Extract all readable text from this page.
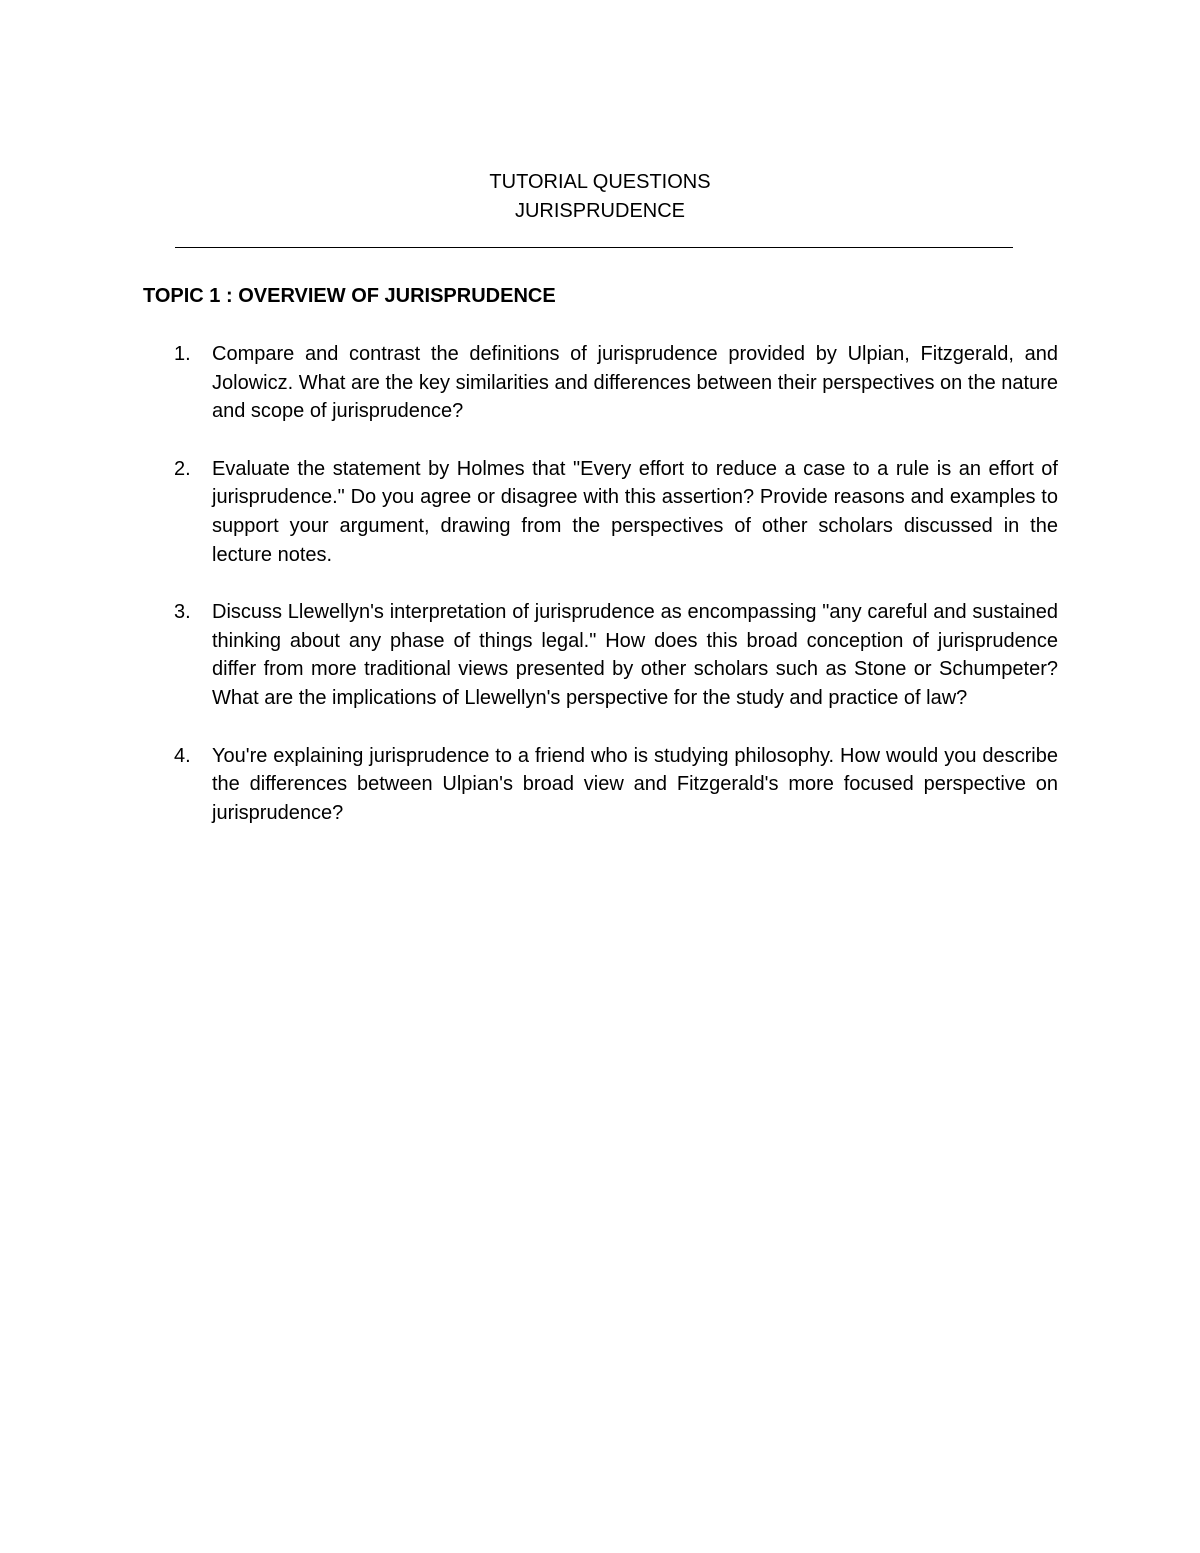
TUTORIAL QUESTIONS
JURISPRUDENCE
TOPIC 1 : OVERVIEW OF JURISPRUDENCE
1. Compare and contrast the definitions of jurisprudence provided by Ulpian, Fitzgerald, and Jolowicz. What are the key similarities and differences between their perspectives on the nature and scope of jurisprudence?
2. Evaluate the statement by Holmes that "Every effort to reduce a case to a rule is an effort of jurisprudence." Do you agree or disagree with this assertion? Provide reasons and examples to support your argument, drawing from the perspectives of other scholars discussed in the lecture notes.
3. Discuss Llewellyn's interpretation of jurisprudence as encompassing "any careful and sustained thinking about any phase of things legal." How does this broad conception of jurisprudence differ from more traditional views presented by other scholars such as Stone or Schumpeter? What are the implications of Llewellyn's perspective for the study and practice of law?
4. You're explaining jurisprudence to a friend who is studying philosophy. How would you describe the differences between Ulpian's broad view and Fitzgerald's more focused perspective on jurisprudence?
